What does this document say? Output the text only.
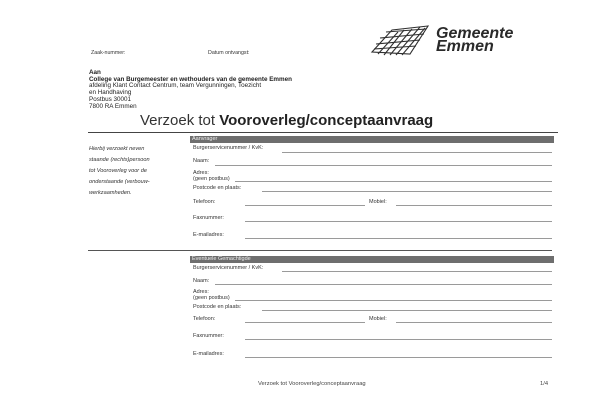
Zaak-nummer:	Datum ontvangst:
Gemeente
Emmen
Aan
College van Burgemeester en wethouders van de gemeente Emmen
afdeling Klant Contact Centrum, team Vergunningen, Toezicht
en Handhaving
Postbus 30001
7800 RA Emmen
Verzoek tot Vooroverleg/conceptaanvraag
Aanvrager
Hierbij verzoekt neven
staande (rechts)persoon
tot Vooroverleg voor de
onderstaande (verbouw-
werkzaamheden.
Burgerservicenummer / KvK:
Naam:
Adres:
(geen postbus)
Postcode en plaats:
Telefoon:	Mobiel:
Faxnummer:
E-mailadres:
Eventuele Gemachtigde
Burgerservicenummer / KvK:
Naam:
Adres:
(geen postbus)
Postcode en plaats:
Telefoon:	Mobiel:
Faxnummer:
E-mailadres:
Verzoek tot Vooroverleg/conceptaanvraag	1/4
